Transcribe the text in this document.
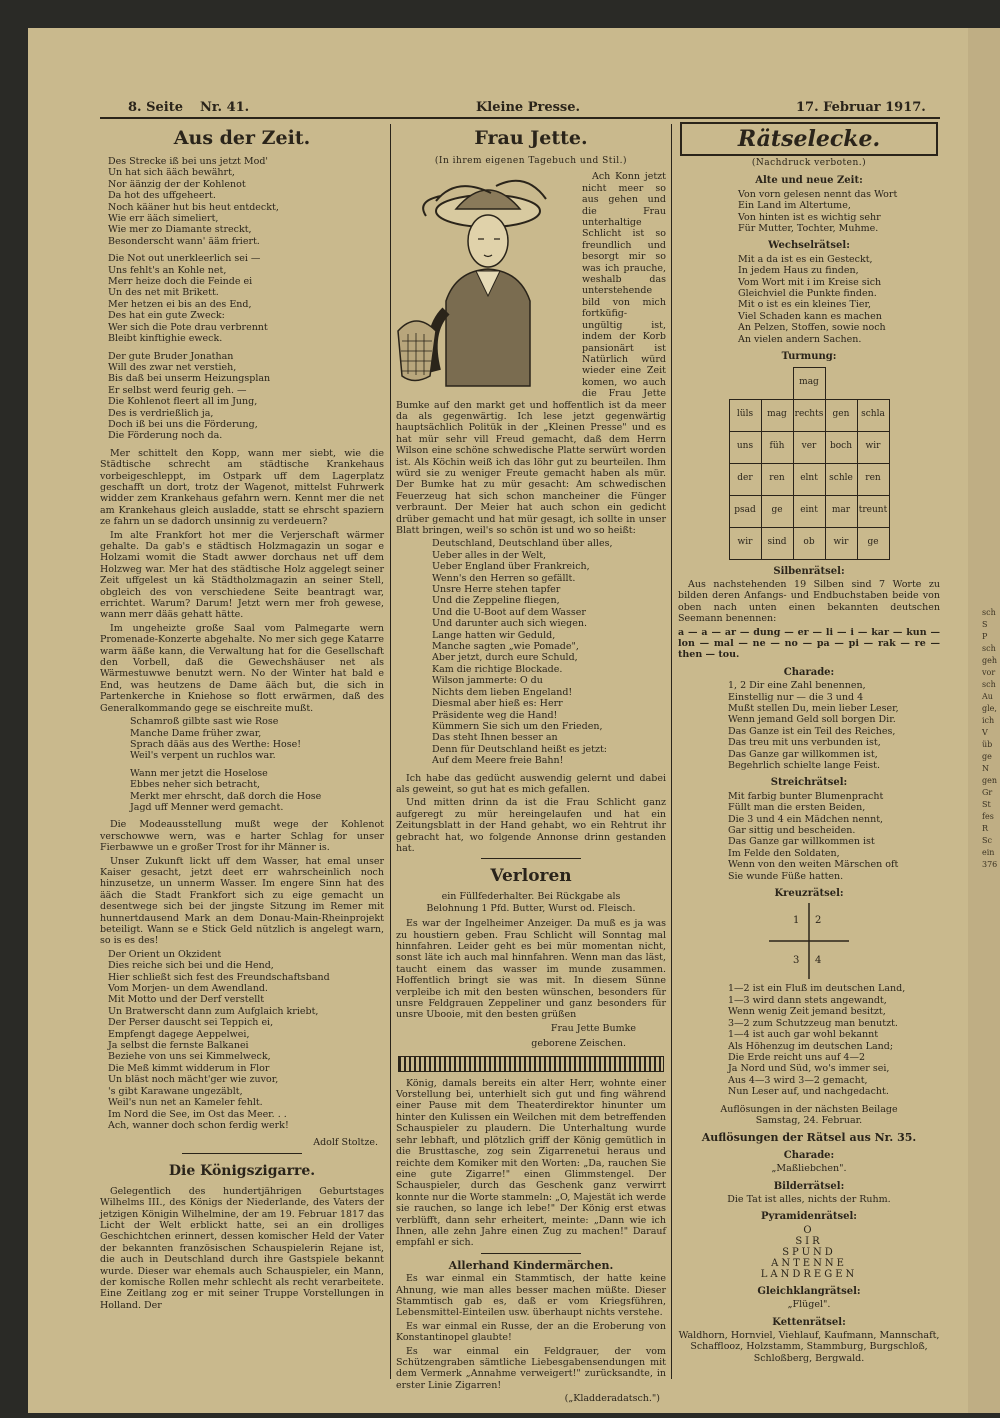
8. Seite Nr. 41.	Kleine Presse.	17. Februar 1917.
Aus der Zeit.
Des Strecke iß bei uns jetzt Mod'
Un hat sich ääch bewährt,
Nor äänzig der der Kohlenot
Da hot des uffgeheert.
Noch kääner hut bis heut entdeckt,
Wie err ääch simeliert,
Wie mer zo Diamante streckt,
Besonderscht wann' ääm friert.
Die Not out unerkleerlich sei —
Uns fehlt's an Kohle net,
Merr heize doch die Feinde ei
Un des net mit Brikett.
Mer hetzen ei bis an des End,
Des hat ein gute Zweck:
Wer sich die Pote drau verbrennt
Bleibt kinftighie eweck.
Der gute Bruder Jonathan
Will des zwar net verstieh,
Bis daß bei unserm Heizungsplan
Er selbst werd feurig geh. —
Die Kohlenot fleert all im Jung,
Des is verdrießlich ja,
Doch iß bei uns die Förderung,
Die Förderung noch da.

Mer schittelt den Kopp, wann mer siebt, wie die Städtische schrecht am städtische Krankehaus vorbeigeschleppt, im Ostpark uff dem Lagerplatz geschafft un dort, trotz der Wagenot, mittelst Fuhrwerk widder zem Krankehaus gefahrn wern. Kennt mer die net am Krankehaus gleich ausladde, statt se ehrscht spaziern ze fahrn un se dadorch unsinnig zu verdeuern?

Im alte Frankfort hot mer die Verjerschaft wärmer gehalte. Da gab's e städtisch Holzmagazin un sogar e Holzami womit die Stadt awwer dorchaus net uff dem Holzweg war. Mer hat des städtische Holz aggelegt seiner Zeit uffgelest un kä Städtholzmagazin an seiner Stell, obgleich des von verschiedene Seite beantragt war, errichtet. Warum? Darum! Jetzt wern mer froh gewese, wann merr dääs gehatt hätte.

Im ungeheizte große Saal vom Palmegarte wern Promenade-Konzerte abgehalte. No mer sich gege Katarre warm ääße kann, die Verwaltung hat for die Gesellschaft den Vorbell, daß die Gewechshäuser net als Wärmestuwwe benutzt wern. No der Winter hat bald e End, was heutzens de Dame ääch but, die sich in Partenkerche in Kniehose so flott erwärmen, daß des Generalkommando gege se eischreite mußt.

Schamroß gilbte sast wie Rose
Manche Dame früher zwar,
Sprach dääs aus des Werthe: Hose!
Weil's verpent un ruchlos war.
Wann mer jetzt die Hoselose
Ebbes neher sich betracht,
Merkt mer ehrscht, daß dorch die Hose
Jagd uff Menner werd gemacht.

Die Modeausstellung mußt wege der Kohlenot verschowwe wern, was e harter Schlag for unser Fierbawwe un e großer Trost for ihr Männer is.

Unser Zukunft lickt uff dem Wasser, hat emal unser Kaiser gesacht, jetzt deet err wahrscheinlich noch hinzusetze, un unnerm Wasser. Im engere Sinn hat des ääch die Stadt Frankfort sich zu eige gemacht un desentwege sich bei der jingste Sitzung im Remer mit hunnertdausend Mark an dem Donau-Main-Rheinprojekt beteiligt. Wann se e Stick Geld nützlich is angelegt warn, so is es des!

Der Orient un Okzident
Dies reiche sich bei und die Hend,
Hier schließt sich fest des Freundschaftsband
Vom Morjen- un dem Awendland.
Mit Motto und der Derf verstellt
Un Bratwerscht dann zum Aufglaich kriebt,
Der Perser dauscht sei Teppich ei,
Empfengt dagege Aeppelwei,
Ja selbst die fernste Balkanei
Beziehe von uns sei Kimmelweck,
Die Meß kimmt widderum in Flor
Un bläst noch mächt'ger wie zuvor,
's gibt Karawane ungezäblt,
Weil's nun net an Kameler fehlt.
Im Nord die See, im Ost das Meer. . .
Ach, wanner doch schon ferdig werk!
Adolf Stoltze.
Die Königszigarre.

Gelegentlich des hundertjährigen Geburtstages Wilhelms III., des Königs der Niederlande, des Vaters der jetzigen Königin Wilhelmine, der am 19. Februar 1817 das Licht der Welt erblickt hatte, sei an ein drolliges Geschichtchen erinnert, dessen komischer Held der Vater der bekannten französischen Schauspielerin Rejane ist, die auch in Deutschland durch ihre Gastspiele bekannt wurde. Dieser war ehemals auch Schauspieler, ein Mann, der komische Rollen mehr schlecht als recht verarbeitete. Eine Zeitlang zog er mit seiner Truppe Vorstellungen in Holland. Der

Frau Jette.
(In ihrem eigenen Tagebuch und Stil.)

Ach Konn jetzt nicht meer so aus gehen und die Frau unterhaltige Schlicht ist so freundlich und besorgt mir so was ich prauche, weshalb das unterstehende bild von mich fortküfig-ungültig ist, indem der Korb pansionärt ist Natürlich würd wieder eine Zeit komen, wo auch die Frau Jette Bumke auf den markt get und hoffentlich ist da meer da als gegenwärtig. Ich lese jetzt gegenwärtig hauptsächlich Politük in der „Kleinen Presse" und es hat mür sehr vill Freud gemacht, daß dem Herrn Wilson eine schöne schwedische Platte serwürt worden ist. Als Köchin weiß ich das löhr gut zu beurteilen. Ihm würd sie zu weniger Freute gemacht haben als mür. Der Bumke hat zu mür gesacht: Am schwedischen Feuerzeug hat sich schon mancheiner die Fünger verbraunt. Der Meier hat auch schon ein gedicht drüber gemacht und hat mür gesagt, ich sollte in unser Blatt bringen, weil's so schön ist und wo so heißt:

Deutschland, Deutschland über alles,
Ueber alles in der Welt,
Ueber England über Frankreich,
Wenn's den Herren so gefällt.
Unsre Herre stehen tapfer
Und die Zeppeline fliegen,
Und die U-Boot auf dem Wasser
Und darunter auch sich wiegen.
Lange hatten wir Geduld,
Manche sagten „wie Pomade",
Aber jetzt, durch eure Schuld,
Kam die richtige Blockade.
Wilson jammerte: O du
Nichts dem lieben Engeland!
Diesmal aber hieß es: Herr
Präsidente weg die Hand!
Kümmern Sie sich um den Frieden,
Das steht Ihnen besser an
Denn für Deutschland heißt es jetzt:
Auf dem Meere freie Bahn!

Ich habe das gedücht auswendig gelernt und dabei als geweint, so gut hat es mich gefallen.

Und mitten drinn da ist die Frau Schlicht ganz aufgeregt zu mür hereingelaufen und hat ein Zeitungsblatt in der Hand gehabt, wo ein Rehtrut ihr gebracht hat, wo folgende Annonse drinn gestanden hat.

Verloren
ein Füllfederhalter. Bei Rückgabe als
Belohnung 1 Pfd. Butter, Wurst od. Fleisch.

Es war der Ingelheimer Anzeiger. Da muß es ja was zu houstiern geben. Frau Schlicht will Sonntag mal hinnfahren. Leider geht es bei mür momentan nicht, sonst läte ich auch mal hinnfahren. Wenn man das läst, taucht einem das wasser im munde zusammen. Hoffentlich bringt sie was mit. In diesem Sünne verpleibe ich mit den besten wünschen, besonders für unsre Feldgrauen Zeppeliner und ganz besonders für unsre Ubooie, mit den besten grüßen

Frau Jette Bumke
geborene Zeischen.

König, damals bereits ein alter Herr, wohnte einer Vorstellung bei, unterhielt sich gut und fing während einer Pause mit dem Theaterdirektor hinunter um hinter den Kulissen ein Weilchen mit dem betreffenden Schauspieler zu plaudern. Die Unterhaltung wurde sehr lebhaft, und plötzlich griff der König gemütlich in die Brusttasche, zog sein Zigarrenetui heraus und reichte dem Komiker mit den Worten: „Da, rauchen Sie eine gute Zigarre!" einen Glimmstengel. Der Schauspieler, durch das Geschenk ganz verwirrt konnte nur die Worte stammeln: „O, Majestät ich werde sie rauchen, so lange ich lebe!" Der König erst etwas verblüfft, dann sehr erheitert, meinte: „Dann wie ich Ihnen, alle zehn Jahre einen Zug zu machen!" Darauf empfahl er sich.

Allerhand Kindermärchen.

Es war einmal ein Stammtisch, der hatte keine Ahnung, wie man alles besser machen müßte. Dieser Stammtisch gab es, daß er vom Kriegsführen, Lebensmittel-Einteilen usw. überhaupt nichts verstehe.

Es war einmal ein Russe, der an die Eroberung von Konstantinopel glaubte!

Es war einmal ein Feldgrauer, der vom Schützengraben sämtliche Liebesgabensendungen mit dem Vermerk „Annahme verweigert!" zurücksandte, in erster Linie Zigarren!

(„Kladderadatsch.")
Rätselecke.
(Nachdruck verboten.)
Alte und neue Zeit:
Von vorn gelesen nennt das Wort
Ein Land im Altertume,
Von hinten ist es wichtig sehr
Für Mutter, Tochter, Muhme.
Wechselrätsel:
Mit a da ist es ein Gesteckt,
In jedem Haus zu finden,
Vom Wort mit i im Kreise sich
Gleichviel die Punkte finden.
Mit o ist es ein kleines Tier,
Viel Schaden kann es machen
An Pelzen, Stoffen, sowie noch
An vielen andern Sachen.
Turmung:
		mag		
lüls	mag	rechts	gen	schla
uns	füh	ver	boch	wir
der	ren	elnt	schle	ren
psad	ge	eint	mar	treunt
wir	sind	ob	wir	ge
Silbenrätsel:

Aus nachstehenden 19 Silben sind 7 Worte zu bilden deren Anfangs- und Endbuchstaben beide von oben nach unten einen bekannten deutschen Seemann benennen:

a — a — ar — dung — er — li — i — kar — kun — lon — mal — ne — no — pa — pi — rak — re — then — tou.

Charade:
1, 2 Dir eine Zahl benennen,
Einstellig nur — die 3 und 4
Mußt stellen Du, mein lieber Leser,
Wenn jemand Geld soll borgen Dir.
Das Ganze ist ein Teil des Reiches,
Das treu mit uns verbunden ist,
Das Ganze gar willkommen ist,
Begehrlich schielte lange Feist.
Streichrätsel:
Mit farbig bunter Blumenpracht
Füllt man die ersten Beiden,
Die 3 und 4 ein Mädchen nennt,
Gar sittig und bescheiden.
Das Ganze gar willkommen ist
Im Felde den Soldaten,
Wenn von den weiten Märschen oft
Sie wunde Füße hatten.
Kreuzrätsel:
1 2
3 4
1—2 ist ein Fluß im deutschen Land,
1—3 wird dann stets angewandt,
Wenn wenig Zeit jemand besitzt,
3—2 zum Schutzzeug man benutzt.
1—4 ist auch gar wohl bekannt
Als Höhenzug im deutschen Land;
Die Erde reicht uns auf 4—2
Ja Nord und Süd, wo's immer sei,
Aus 4—3 wird 3—2 gemacht,
Nun Leser auf, und nachgedacht.
Auflösungen in der nächsten Beilage Samstag, 24. Februar.
Auflösungen der Rätsel aus Nr. 35.
Charade:
„Maßliebchen".
Bilderrätsel:
Die Tat ist alles, nichts der Ruhm.
Pyramidenrätsel:
O
SIR
SPUND
ANTENNE
LANDREGEN
Gleichklangrätsel:
„Flügel".
Kettenrätsel:
Waldhorn, Hornviel, Viehlauf, Kaufmann, Mannschaft, Schafflooz, Holzstamm, Stammburg, Burgschloß, Schloßberg, Bergwald.
sch
S
P
sch
geh
vor
sch
Au
gle,
ich
V
üb
ge
N
gen
Gr
St
fes
R
Sc
ein
376
